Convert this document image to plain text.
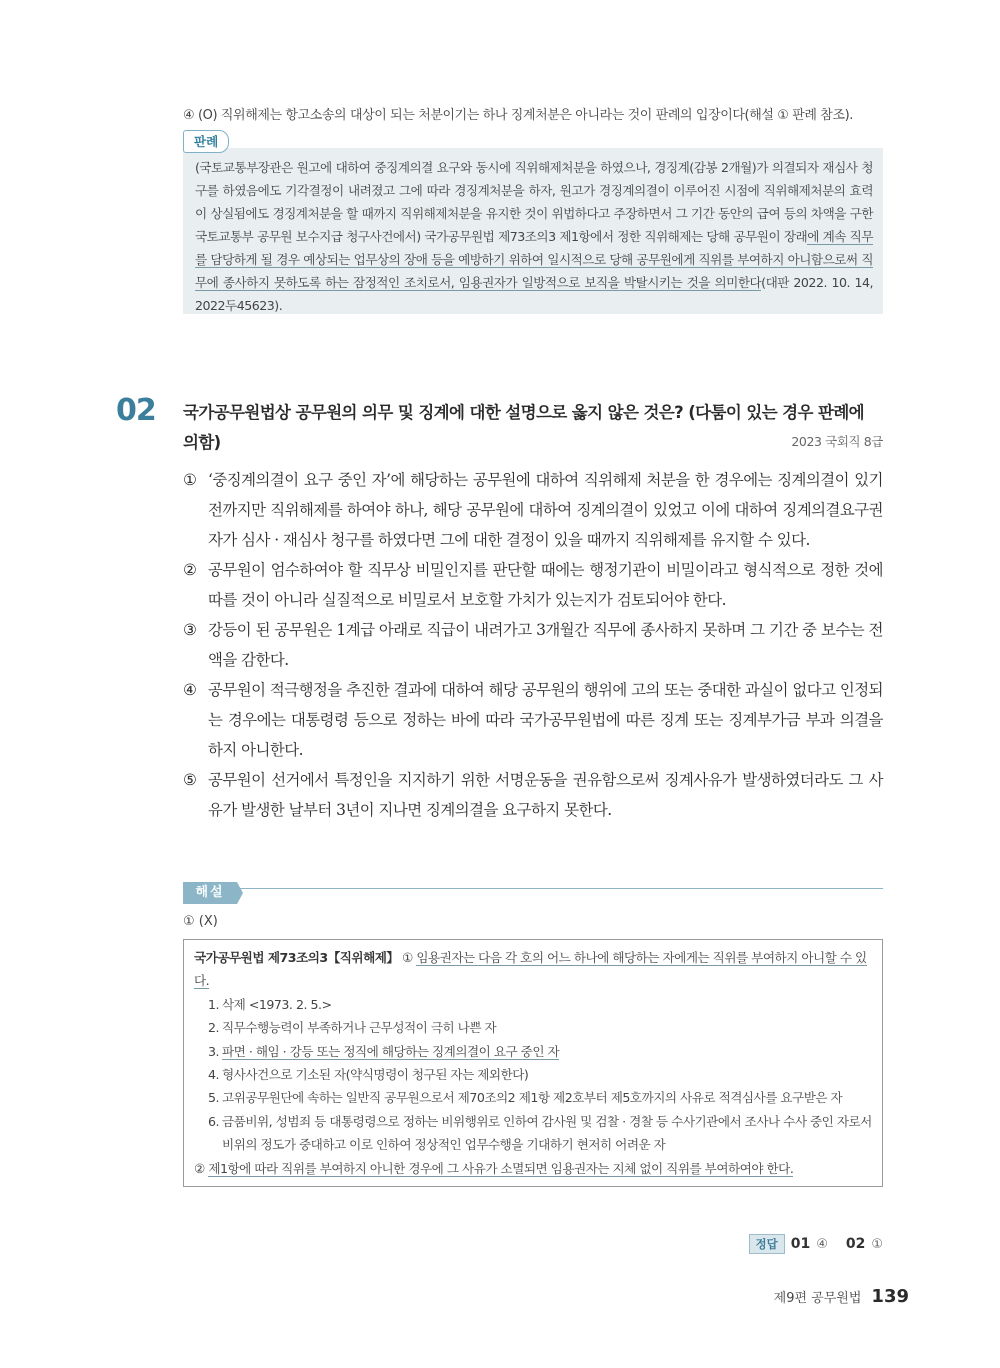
④ (O) 직위해제는 항고소송의 대상이 되는 처분이기는 하나 징계처분은 아니라는 것이 판례의 입장이다(해설 ① 판례 참조).
판례

(국토교통부장관은 원고에 대하여 중징계의결 요구와 동시에 직위해제처분을 하였으나, 경징계(감봉 2개월)가 의결되자 재심사 청구를 하였음에도 기각결정이 내려졌고 그에 따라 경징계처분을 하자, 원고가 경징계의결이 이루어진 시점에 직위해제처분의 효력이 상실됨에도 경징계처분을 할 때까지 직위해제처분을 유지한 것이 위법하다고 주장하면서 그 기간 동안의 급여 등의 차액을 구한 국토교통부 공무원 보수지급 청구사건에서) 국가공무원법 제73조의3 제1항에서 정한 직위해제는 당해 공무원이 장래에 계속 직무를 담당하게 될 경우 예상되는 업무상의 장애 등을 예방하기 위하여 일시적으로 당해 공무원에게 직위를 부여하지 아니함으로써 직무에 종사하지 못하도록 하는 잠정적인 조치로서, 임용권자가 일방적으로 보직을 박탈시키는 것을 의미한다(대판 2022. 10. 14, 2022두45623).

02 국가공무원법상 공무원의 의무 및 징계에 대한 설명으로 옳지 않은 것은? (다툼이 있는 경우 판례에 의함)	2023 국회직 8급
① ‘중징계의결이 요구 중인 자’에 해당하는 공무원에 대하여 직위해제 처분을 한 경우에는 징계의결이 있기 전까지만 직위해제를 하여야 하나, 해당 공무원에 대하여 징계의결이 있었고 이에 대하여 징계의결요구권자가 심사 · 재심사 청구를 하였다면 그에 대한 결정이 있을 때까지 직위해제를 유지할 수 있다.
② 공무원이 엄수하여야 할 직무상 비밀인지를 판단할 때에는 행정기관이 비밀이라고 형식적으로 정한 것에 따를 것이 아니라 실질적으로 비밀로서 보호할 가치가 있는지가 검토되어야 한다.
③ 강등이 된 공무원은 1계급 아래로 직급이 내려가고 3개월간 직무에 종사하지 못하며 그 기간 중 보수는 전액을 감한다.
④ 공무원이 적극행정을 추진한 결과에 대하여 해당 공무원의 행위에 고의 또는 중대한 과실이 없다고 인정되는 경우에는 대통령령 등으로 정하는 바에 따라 국가공무원법에 따른 징계 또는 징계부가금 부과 의결을 하지 아니한다.
⑤ 공무원이 선거에서 특정인을 지지하기 위한 서명운동을 권유함으로써 징계사유가 발생하였더라도 그 사유가 발생한 날부터 3년이 지나면 징계의결을 요구하지 못한다.
해설
① (X)

국가공무원법 제73조의3【직위해제】 ① 임용권자는 다음 각 호의 어느 하나에 해당하는 자에게는 직위를 부여하지 아니할 수 있다.

1. 삭제 <1973. 2. 5.>
2. 직무수행능력이 부족하거나 근무성적이 극히 나쁜 자
3. 파면 · 해임 · 강등 또는 정직에 해당하는 징계의결이 요구 중인 자
4. 형사사건으로 기소된 자(약식명령이 청구된 자는 제외한다)
5. 고위공무원단에 속하는 일반직 공무원으로서 제70조의2 제1항 제2호부터 제5호까지의 사유로 적격심사를 요구받은 자
6. 금품비위, 성범죄 등 대통령령으로 정하는 비위행위로 인하여 감사원 및 검찰 · 경찰 등 수사기관에서 조사나 수사 중인 자로서 비위의 정도가 중대하고 이로 인하여 정상적인 업무수행을 기대하기 현저히 어려운 자

② 제1항에 따라 직위를 부여하지 아니한 경우에 그 사유가 소멸되면 임용권자는 지체 없이 직위를 부여하여야 한다.

정답 01 ④ 02 ①
제9편 공무원법 139
